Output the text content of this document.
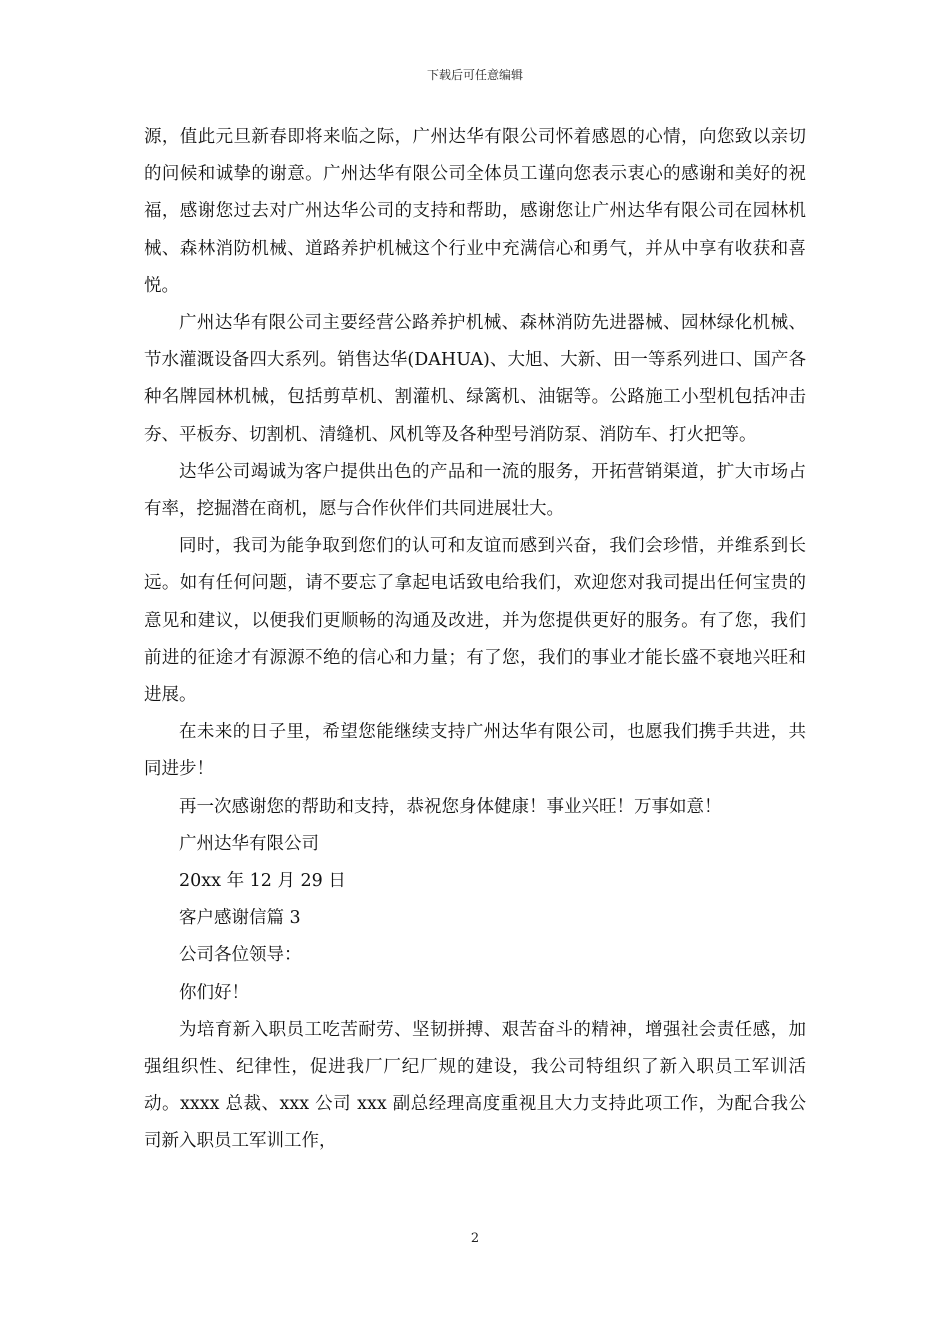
下载后可任意编辑

源，值此元旦新春即将来临之际，广州达华有限公司怀着感恩的心情，向您致以亲切的问候和诚挚的谢意。广州达华有限公司全体员工谨向您表示衷心的感谢和美好的祝福，感谢您过去对广州达华公司的支持和帮助，感谢您让广州达华有限公司在园林机械、森林消防机械、道路养护机械这个行业中充满信心和勇气，并从中享有收获和喜悦。

广州达华有限公司主要经营公路养护机械、森林消防先进器械、园林绿化机械、节水灌溉设备四大系列。销售达华(DAHUA)、大旭、大新、田一等系列进口、国产各种名牌园林机械，包括剪草机、割灌机、绿篱机、油锯等。公路施工小型机包括冲击夯、平板夯、切割机、清缝机、风机等及各种型号消防泵、消防车、打火把等。

达华公司竭诚为客户提供出色的产品和一流的服务，开拓营销渠道，扩大市场占有率，挖掘潜在商机，愿与合作伙伴们共同进展壮大。

同时，我司为能争取到您们的认可和友谊而感到兴奋，我们会珍惜，并维系到长远。如有任何问题，请不要忘了拿起电话致电给我们，欢迎您对我司提出任何宝贵的意见和建议，以便我们更顺畅的沟通及改进，并为您提供更好的服务。有了您，我们前进的征途才有源源不绝的信心和力量；有了您，我们的事业才能长盛不衰地兴旺和进展。

在未来的日子里，希望您能继续支持广州达华有限公司，也愿我们携手共进，共同进步！

再一次感谢您的帮助和支持，恭祝您身体健康！事业兴旺！万事如意！

广州达华有限公司

20xx 年 12 月 29 日

客户感谢信篇 3

公司各位领导：

你们好！

为培育新入职员工吃苦耐劳、坚韧拼搏、艰苦奋斗的精神，增强社会责任感，加强组织性、纪律性，促进我厂厂纪厂规的建设，我公司特组织了新入职员工军训活动。xxxx 总裁、xxx 公司 xxx 副总经理高度重视且大力支持此项工作，为配合我公司新入职员工军训工作，

2
